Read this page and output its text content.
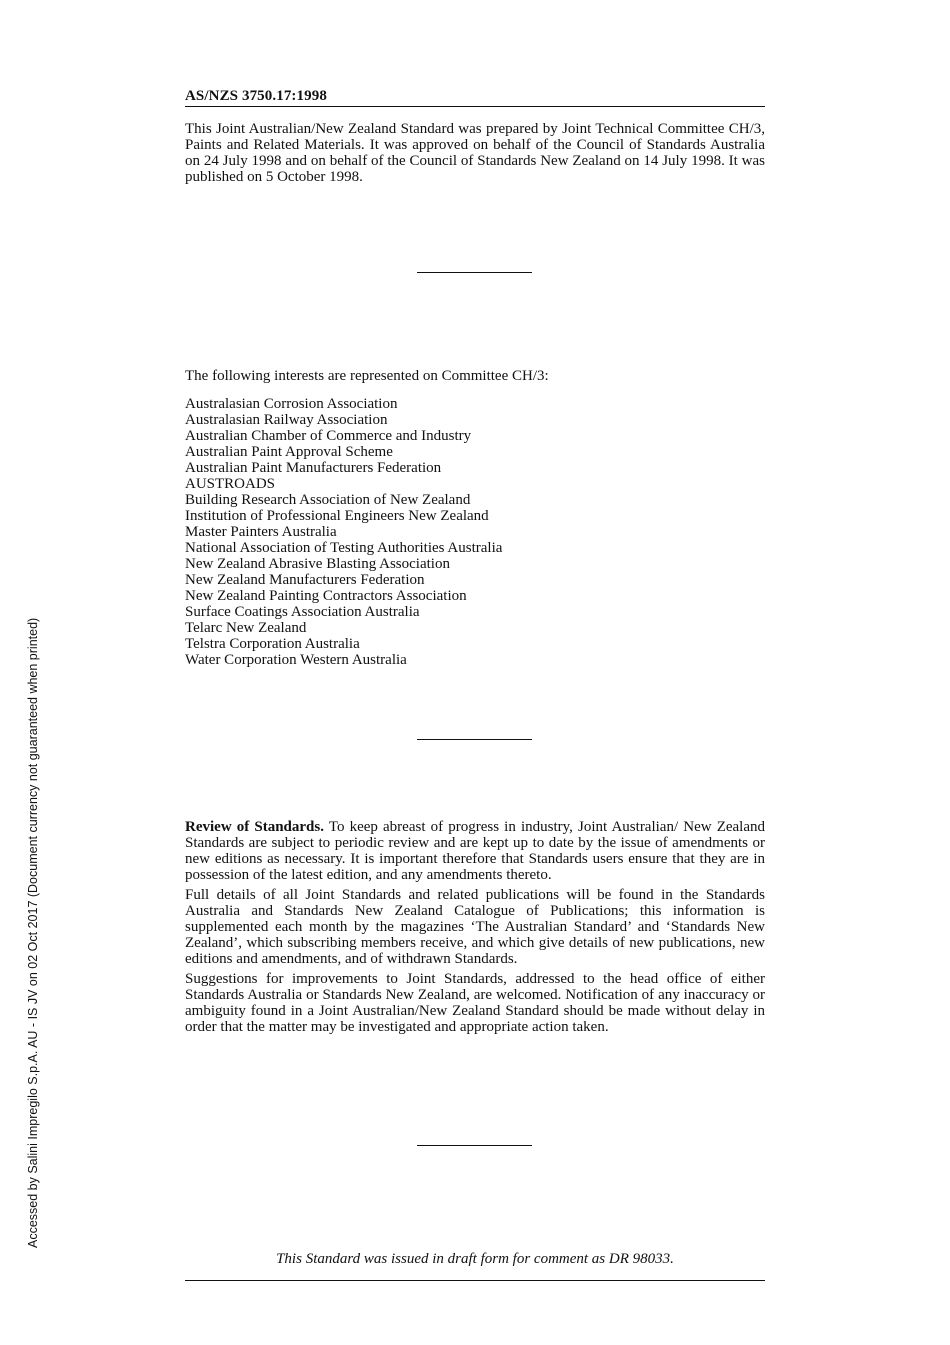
AS/NZS 3750.17:1998
This Joint Australian/New Zealand Standard was prepared by Joint Technical Committee CH/3, Paints and Related Materials. It was approved on behalf of the Council of Standards Australia on 24 July 1998 and on behalf of the Council of Standards New Zealand on 14 July 1998. It was published on 5 October 1998.
The following interests are represented on Committee CH/3:
Australasian Corrosion Association
Australasian Railway Association
Australian Chamber of Commerce and Industry
Australian Paint Approval Scheme
Australian Paint Manufacturers Federation
AUSTROADS
Building Research Association of New Zealand
Institution of Professional Engineers New Zealand
Master Painters Australia
National Association of Testing Authorities Australia
New Zealand Abrasive Blasting Association
New Zealand Manufacturers Federation
New Zealand Painting Contractors Association
Surface Coatings Association Australia
Telarc New Zealand
Telstra Corporation Australia
Water Corporation Western Australia

Review of Standards. To keep abreast of progress in industry, Joint Australian/ New Zealand Standards are subject to periodic review and are kept up to date by the issue of amendments or new editions as necessary. It is important therefore that Standards users ensure that they are in possession of the latest edition, and any amendments thereto.

Full details of all Joint Standards and related publications will be found in the Standards Australia and Standards New Zealand Catalogue of Publications; this information is supplemented each month by the magazines ‘The Australian Standard’ and ‘Standards New Zealand’, which subscribing members receive, and which give details of new publications, new editions and amendments, and of withdrawn Standards.

Suggestions for improvements to Joint Standards, addressed to the head office of either Standards Australia or Standards New Zealand, are welcomed. Notification of any inaccuracy or ambiguity found in a Joint Australian/New Zealand Standard should be made without delay in order that the matter may be investigated and appropriate action taken.

This Standard was issued in draft form for comment as DR 98033.
Accessed by Salini Impregilo S.p.A. AU - IS JV on 02 Oct 2017 (Document currency not guaranteed when printed)
